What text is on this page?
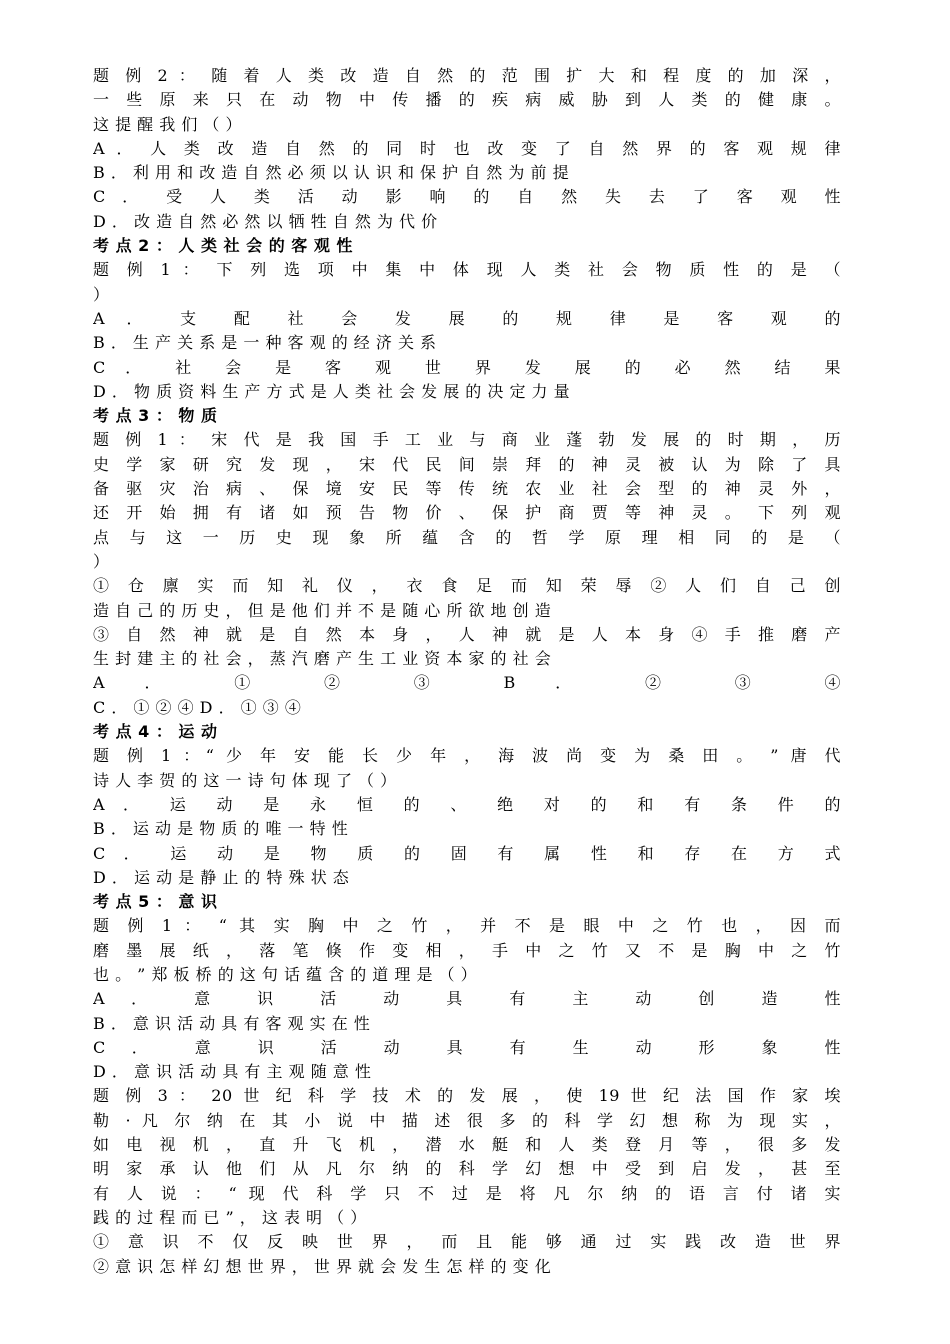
题 例 2 ： 随 着 人 类 改 造 自 然 的 范 围 扩 大 和 程 度 的 加 深 ，
一 些 原 来 只 在 动 物 中 传 播 的 疾 病 威 胁 到 人 类 的 健 康 。
这 提 醒 我 们 （ ）
A ． 人 类 改 造 自 然 的 同 时 也 改 变 了 自 然 界 的 客 观 规 律
B ． 利 用 和 改 造 自 然 必 须 以 认 识 和 保 护 自 然 为 前 提
C ． 受 人 类 活 动 影 响 的 自 然 失 去 了 客 观 性
D ． 改 造 自 然 必 然 以 牺 牲 自 然 为 代 价
考 点 2 ： 人 类 社 会 的 客 观 性
题 例 1 ： 下 列 选 项 中 集 中 体 现 人 类 社 会 物 质 性 的 是 （
）
A ． 支 配 社 会 发 展 的 规 律 是 客 观 的
B ． 生 产 关 系 是 一 种 客 观 的 经 济 关 系
C ． 社 会 是 客 观 世 界 发 展 的 必 然 结 果
D ． 物 质 资 料 生 产 方 式 是 人 类 社 会 发 展 的 决 定 力 量
考 点 3 ： 物 质
题 例 1 ： 宋 代 是 我 国 手 工 业 与 商 业 蓬 勃 发 展 的 时 期 ， 历
史 学 家 研 究 发 现 ， 宋 代 民 间 崇 拜 的 神 灵 被 认 为 除 了 具
备 驱 灾 治 病 、 保 境 安 民 等 传 统 农 业 社 会 型 的 神 灵 外 ，
还 开 始 拥 有 诸 如 预 告 物 价 、 保 护 商 贾 等 神 灵 。 下 列 观
点 与 这 一 历 史 现 象 所 蕴 含 的 哲 学 原 理 相 同 的 是 （
）
① 仓 廪 实 而 知 礼 仪 ， 衣 食 足 而 知 荣 辱 ② 人 们 自 己 创
造 自 己 的 历 史 ， 但 是 他 们 并 不 是 随 心 所 欲 地 创 造
③ 自 然 神 就 是 自 然 本 身 ， 人 神 就 是 人 本 身 ④ 手 推 磨 产
生 封 建 主 的 社 会 ， 蒸 汽 磨 产 生 工 业 资 本 家 的 社 会
A ． ① ② ③ B ． ② ③ ④
C ． ① ② ④ D ． ① ③ ④
考 点 4 ： 运 动
题 例 1 ：“ 少 年 安 能 长 少 年 ， 海 波 尚 变 为 桑 田 。 ” 唐 代
诗 人 李 贺 的 这 一 诗 句 体 现 了 （ ）
A ． 运 动 是 永 恒 的 、 绝 对 的 和 有 条 件 的
B ． 运 动 是 物 质 的 唯 一 特 性
C ． 运 动 是 物 质 的 固 有 属 性 和 存 在 方 式
D ． 运 动 是 静 止 的 特 殊 状 态
考 点 5 ： 意 识
题 例 1 ： “ 其 实 胸 中 之 竹 ， 并 不 是 眼 中 之 竹 也 ， 因 而
磨 墨 展 纸 ， 落 笔 倏 作 变 相 ， 手 中 之 竹 又 不 是 胸 中 之 竹
也 。 ” 郑 板 桥 的 这 句 话 蕴 含 的 道 理 是 （ ）
A ． 意 识 活 动 具 有 主 动 创 造 性
B ． 意 识 活 动 具 有 客 观 实 在 性
C ． 意 识 活 动 具 有 生 动 形 象 性
D ． 意 识 活 动 具 有 主 观 随 意 性
题 例 3 ： 20 世 纪 科 学 技 术 的 发 展 ， 使 19 世 纪 法 国 作 家 埃
勒 · 凡 尔 纳 在 其 小 说 中 描 述 很 多 的 科 学 幻 想 称 为 现 实 ，
如 电 视 机 ， 直 升 飞 机 ， 潜 水 艇 和 人 类 登 月 等 ， 很 多 发
明 家 承 认 他 们 从 凡 尔 纳 的 科 学 幻 想 中 受 到 启 发 ， 甚 至
有 人 说 ： “ 现 代 科 学 只 不 过 是 将 凡 尔 纳 的 语 言 付 诸 实
践 的 过 程 而 已 ” ， 这 表 明 （ ）
① 意 识 不 仅 反 映 世 界 ， 而 且 能 够 通 过 实 践 改 造 世 界
② 意 识 怎 样 幻 想 世 界 ， 世 界 就 会 发 生 怎 样 的 变 化
